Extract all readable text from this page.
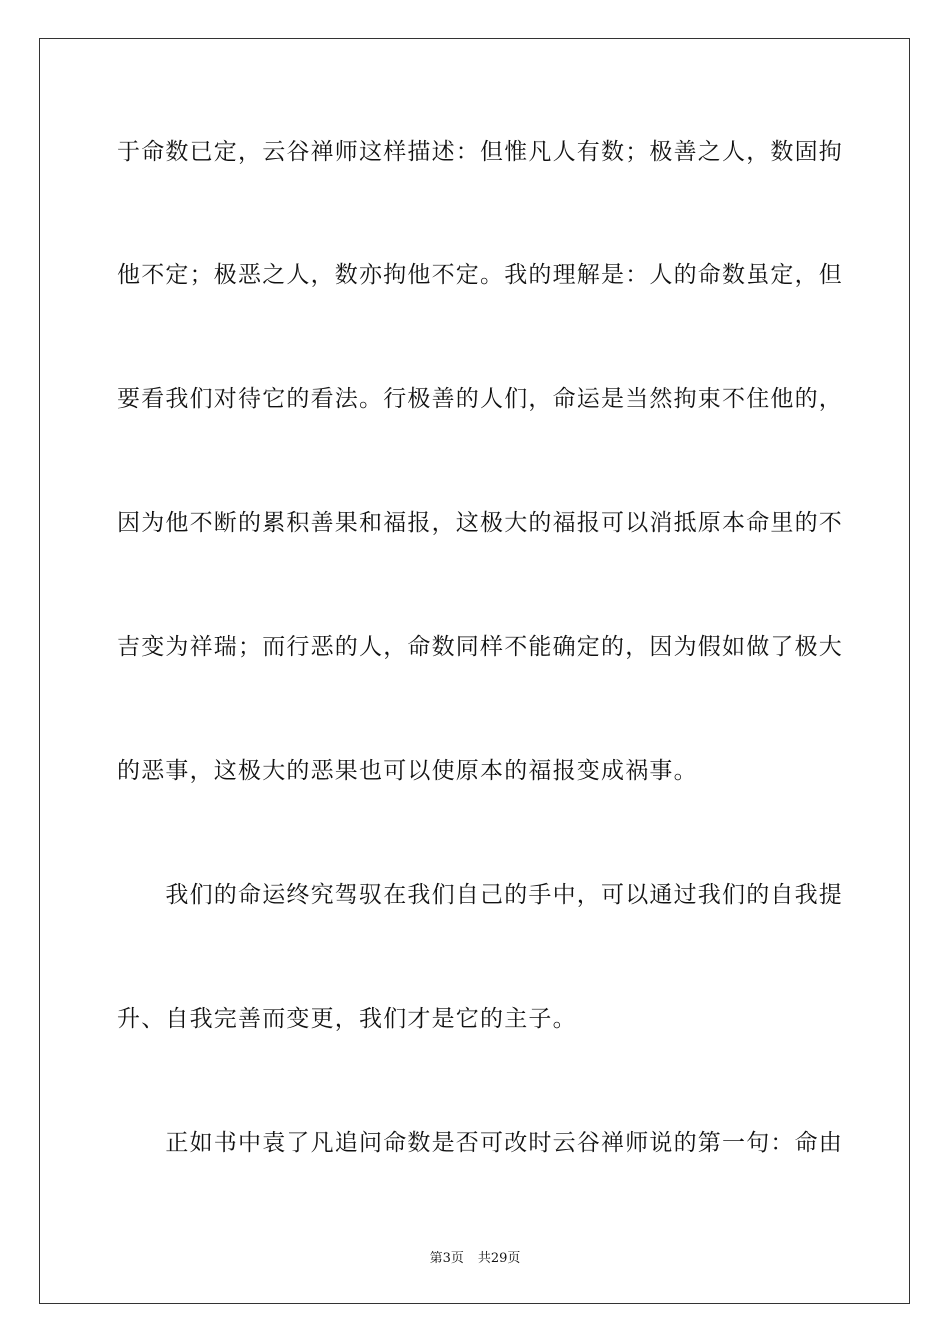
于命数已定，云谷禅师这样描述：但惟凡人有数；极善之人，数固拘
他不定；极恶之人，数亦拘他不定。我的理解是：人的命数虽定，但
要看我们对待它的看法。行极善的人们，命运是当然拘束不住他的，
因为他不断的累积善果和福报，这极大的福报可以消抵原本命里的不
吉变为祥瑞；而行恶的人，命数同样不能确定的，因为假如做了极大
的恶事，这极大的恶果也可以使原本的福报变成祸事。
　　我们的命运终究驾驭在我们自己的手中，可以通过我们的自我提
升、自我完善而变更，我们才是它的主子。
　　正如书中袁了凡追问命数是否可改时云谷禅师说的第一句：命由
第3页 共29页
